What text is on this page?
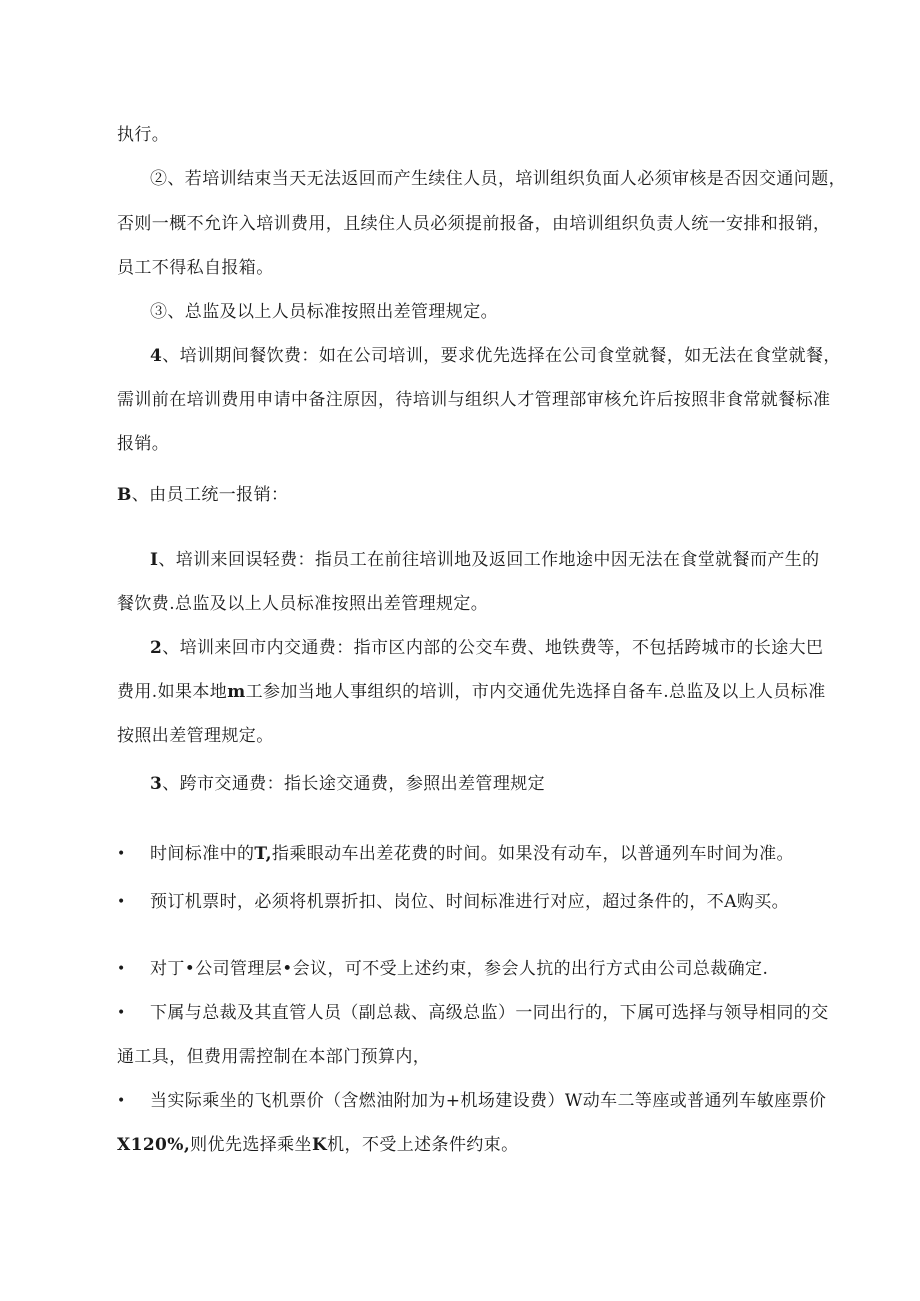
执行。
②、若培训结束当天无法返回而产生续住人员，培训组织负面人必须审核是否因交通问题，
否则一概不允许入培训费用，且续住人员必须提前报备，由培训组织负责人统一安排和报销，
员工不得私自报箱。
③、总监及以上人员标准按照出差管理规定。
4、培训期间餐饮费：如在公司培训，要求优先选择在公司食堂就餐，如无法在食堂就餐，
需训前在培训费用申请中备注原因，待培训与组织人才管理部审核允许后按照非食常就餐标准
报销。
B、由员工统一报销：
I、培训来回误轻费：指员工在前往培训地及返回工作地途中因无法在食堂就餐而产生的
餐饮费.总监及以上人员标准按照出差管理规定。
2、培训来回市内交通费：指市区内部的公交车费、地铁费等，不包括跨城市的长途大巴
费用.如果本地m工参加当地人事组织的培训，市内交通优先选择自备车.总监及以上人员标准
按照出差管理规定。
3、跨市交通费：指长途交通费，参照出差管理规定
• 时间标准中的T,指乘眼动车出差花费的时间。如果没有动车，以普通列车时间为准。
• 预订机票时，必须将机票折扣、岗位、时间标准进行对应，超过条件的，不A购买。
• 对丁•公司管理层•会议，可不受上述约束，参会人抗的出行方式由公司总裁确定.
• 下属与总裁及其直管人员（副总裁、高级总监）一同出行的，下属可选择与领导相同的交
通工具，但费用需控制在本部门预算内，
• 当实际乘坐的飞机票价（含燃油附加为+机场建设费）W动车二等座或普通列车敏座票价
X120%,则优先选择乘坐K机，不受上述条件约束。
